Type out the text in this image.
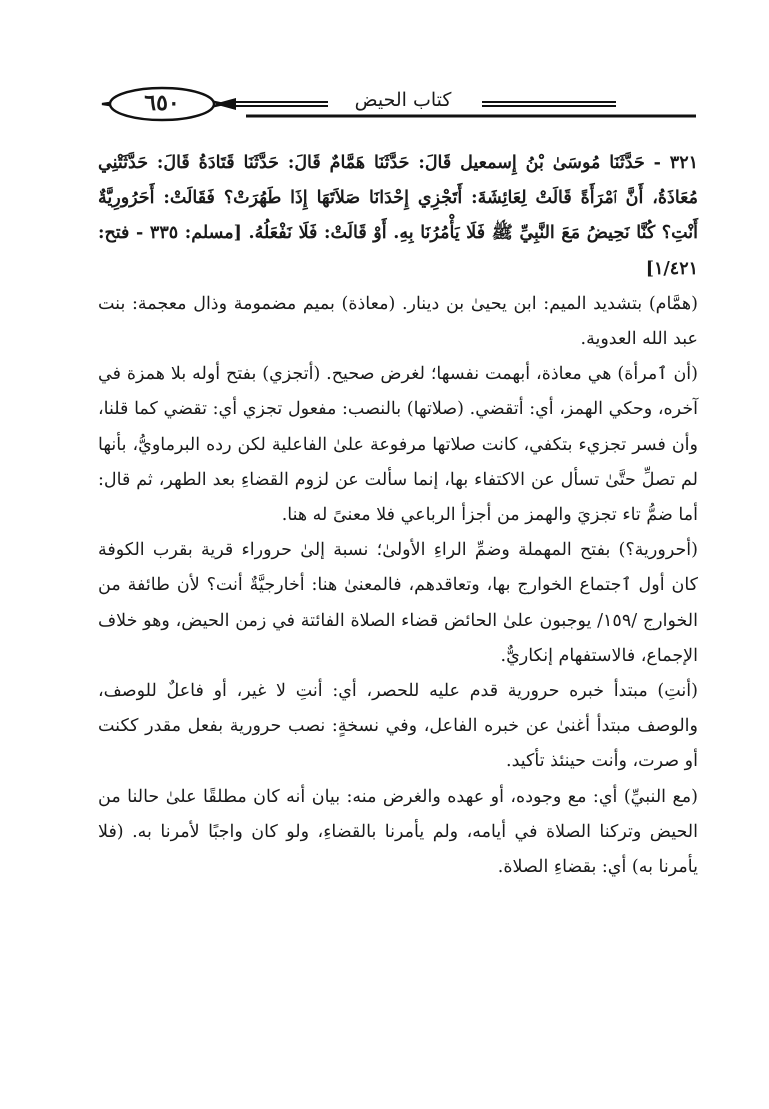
٦٥٠	كتاب الحيض

٣٢١ - حَدَّثَنَا مُوسَىٰ بْنُ إِسمعيل قَالَ: حَدَّثَنَا هَمَّامٌ قَالَ: حَدَّثَنَا قَتَادَةُ قَالَ: حَدَّثَتْنِي مُعَاذَةُ، أَنَّ ٱمْرَأَةً قَالَتْ لِعَائِشَةَ: أَتَجْزِي إِحْدَانَا صَلاَتَهَا إِذَا طَهُرَتْ؟ فَقَالَتْ: أَحَرُورِيَّةٌ أَنْتِ؟ كُنَّا نَحِيضُ مَعَ النَّبِيِّ ﷺ فَلَا يَأْمُرُنَا بِهِ. أَوْ قَالَتْ: فَلَا نَفْعَلُهُ. [مسلم: ٣٣٥ - فتح: ١/٤٢١]

(همَّام) بتشديد الميم: ابن يحيىٰ بن دينار. (معاذة) بميم مضمومة وذال معجمة: بنت عبد الله العدوية.

(أن ٱمرأة) هي معاذة، أبهمت نفسها؛ لغرض صحيح. (أتجزي) بفتح أوله بلا همزة في آخره، وحكي الهمز، أي: أتقضي. (صلاتها) بالنصب: مفعول تجزي أي: تقضي كما قلنا، وأن فسر تجزيء بتكفي، كانت صلاتها مرفوعة علىٰ الفاعلية لكن رده البرماويُّ، بأنها لم تصلِّ حتَّىٰ تسأل عن الاكتفاء بها، إنما سألت عن لزوم القضاءِ بعد الطهر، ثم قال: أما ضمُّ تاء تجزيَ والهمز من أجزأ الرباعي فلا معنىً له هنا.

(أحرورية؟) بفتح المهملة وضمِّ الراءِ الأولىٰ؛ نسبة إلىٰ حروراء قرية بقرب الكوفة كان أول ٱجتماع الخوارج بها، وتعاقدهم، فالمعنىٰ هنا: أخارجيَّةٌ أنت؟ لأن طائفة من الخوارج /١٥٩/ يوجبون علىٰ الحائض قضاء الصلاة الفائتة في زمن الحيض، وهو خلاف الإجماع، فالاستفهام إنكاريٌّ.

(أنتِ) مبتدأ خبره حرورية قدم عليه للحصر، أي: أنتِ لا غير، أو فاعلٌ للوصف، والوصف مبتدأ أغنىٰ عن خبره الفاعل، وفي نسخةٍ: نصب حرورية بفعل مقدر ككنت أو صرت، وأنت حينئذ تأكيد.

(مع النبيِّ) أي: مع وجوده، أو عهده والغرض منه: بيان أنه كان مطلقًا علىٰ حالنا من الحيض وتركنا الصلاة في أيامه، ولم يأمرنا بالقضاءِ، ولو كان واجبًا لأمرنا به. (فلا يأمرنا به) أي: بقضاءِ الصلاة.
